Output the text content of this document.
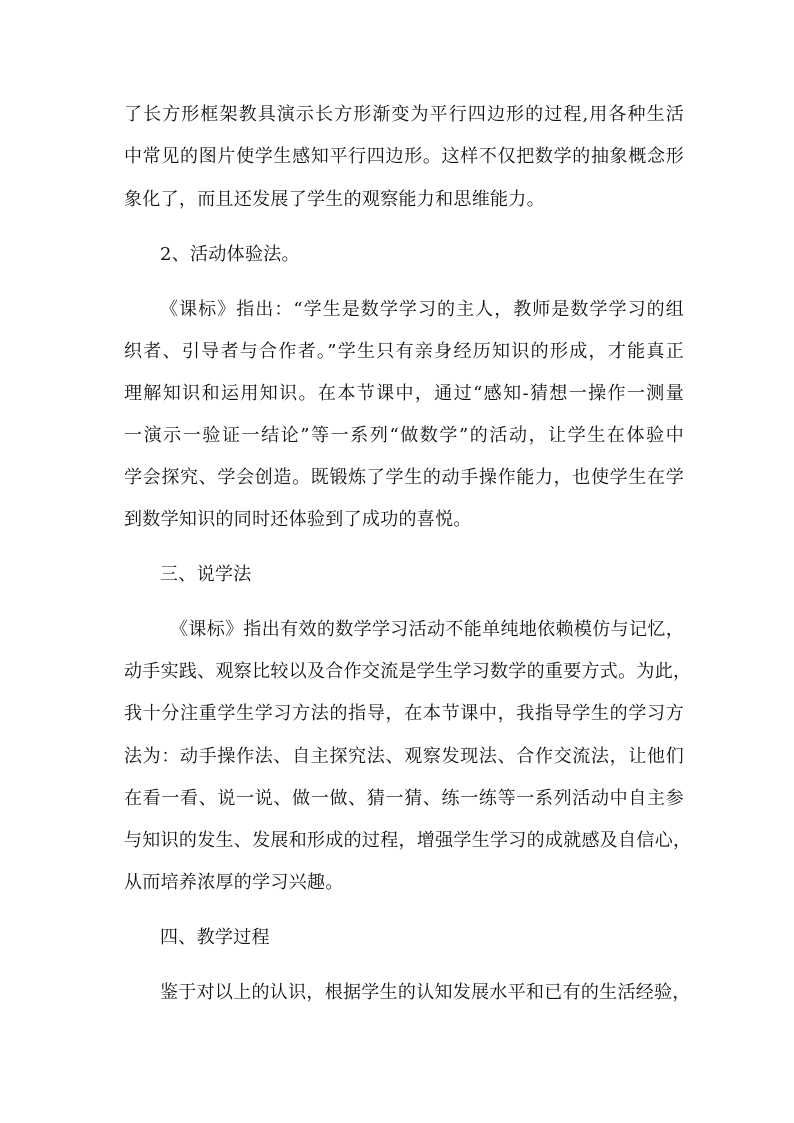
了长方形框架教具演示长方形渐变为平行四边形的过程,用各种生活
中常见的图片使学生感知平行四边形。这样不仅把数学的抽象概念形
象化了，而且还发展了学生的观察能力和思维能力。
2、活动体验法。
《课标》指出：“学生是数学学习的主人，教师是数学学习的组
织者、引导者与合作者。”学生只有亲身经历知识的形成，才能真正
理解知识和运用知识。在本节课中，通过“感知-猜想一操作一测量
一演示一验证一结论”等一系列“做数学”的活动，让学生在体验中
学会探究、学会创造。既锻炼了学生的动手操作能力，也使学生在学
到数学知识的同时还体验到了成功的喜悦。
三、说学法
《课标》指出有效的数学学习活动不能单纯地依赖模仿与记忆，
动手实践、观察比较以及合作交流是学生学习数学的重要方式。为此，
我十分注重学生学习方法的指导，在本节课中，我指导学生的学习方
法为：动手操作法、自主探究法、观察发现法、合作交流法，让他们
在看一看、说一说、做一做、猜一猜、练一练等一系列活动中自主参
与知识的发生、发展和形成的过程，增强学生学习的成就感及自信心，
从而培养浓厚的学习兴趣。
四、教学过程
鉴于对以上的认识，根据学生的认知发展水平和已有的生活经验，
